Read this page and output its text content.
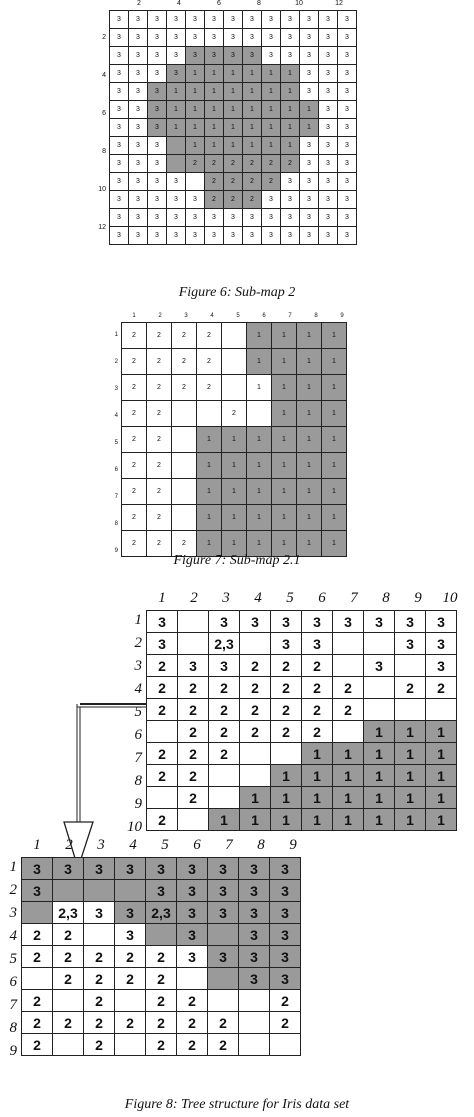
3	3	3	3	3	3	3	3	3	3	3	3	3
3	3	3	3	3	3	3	3	3	3	3	3	3
3	3	3	3	3	3	3	3	3	3	3	3	3
3	3	3	3	1	1	1	1	1	1	3	3	3
3	3	3	1	1	1	1	1	1	1	3	3	3
3	3	3	1	1	1	1	1	1	1	1	3	3
3	3	3	1	1	1	1	1	1	1	1	3	3
3	3	3		1	1	1	1	1	1	3	3	3
3	3	3		2	2	2	2	2	2	3	3	3
3	3	3	3		2	2	2	2	3	3	3	3
3	3	3	3	3	2	2	2	3	3	3	3	3
3	3	3	3	3	3	3	3	3	3	3	3	3
3	3	3	3	3	3	3	3	3	3	3	3	3
2	4	6	8	10	12
2
4
6
8
10
12
Figure 6: Sub-map 2
2	2	2	2		1	1	1	1
2	2	2	2		1	1	1	1
2	2	2	2		1	1	1	1
2	2			2		1	1	1
2	2		1	1	1	1	1	1
2	2		1	1	1	1	1	1
2	2		1	1	1	1	1	1
2	2		1	1	1	1	1	1
2	2	2	1	1	1	1	1	1
1	2	3	4	5	6	7	8	9
1
2
3
4
5
6
7
8
9
Figure 7: Sub-map 2.1
3		3	3	3	3	3	3	3	3
3		2,3		3	3			3	3
2	3	3	2	2	2		3		3
2	2	2	2	2	2	2		2	2
2	2	2	2	2	2	2			
	2	2	2	2	2		1	1	1
2	2	2			1	1	1	1	1
2	2			1	1	1	1	1	1
	2		1	1	1	1	1	1	1
2		1	1	1	1	1	1	1	1
1	2	3	4	5	6	7	8	9	10
1
2
3
4
5
6
7
8
9
10
3	3	3	3	3	3	3	3	3
3				3	3	3	3	3
	2,3	3	3	2,3	3	3	3	3
2	2		3		3		3	3
2	2	2	2	2	3	3	3	3
	2	2	2	2			3	3
2		2		2	2			2
2	2	2	2	2	2	2		2
2		2		2	2	2		
1	2	3	4	5	6	7	8	9
1
2
3
4
5
6
7
8
9
Figure 8: Tree structure for Iris data set
